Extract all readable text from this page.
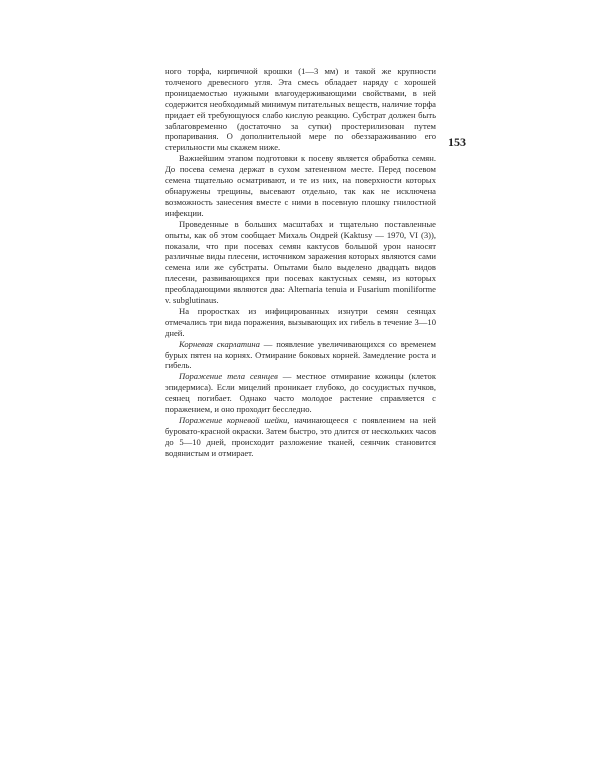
153

ного торфа, кирпичной крошки (1—3 мм) и такой же крупности толченого древесного угля. Эта смесь обладает наряду с хорошей проницаемостью нужными влагоудерживающими свойствами, в ней содержится необходимый минимум питательных веществ, наличие торфа придает ей требующуюся слабо кислую реакцию. Субстрат должен быть заблаговременно (достаточно за сутки) простерилизован путем пропаривания. О дополнительной мере по обеззараживанию его стерильности мы скажем ниже.

Важнейшим этапом подготовки к посеву является обработка семян. До посева семена держат в сухом затененном месте. Перед посевом семена тщательно осматривают, и те из них, на поверхности которых обнаружены трещины, высевают отдельно, так как не исключена возможность занесения вместе с ними в посевную плошку гнилостной инфекции.

Проведенные в больших масштабах и тщательно поставленные опыты, как об этом сообщает Михаль Ондрей (Kaktusy — 1970, VI (3)), показали, что при посевах семян кактусов большой урон наносят различные виды плесени, источником заражения которых являются сами семена или же субстраты. Опытами было выделено двадцать видов плесени, развивающихся при посевах кактусных семян, из которых преобладающими являются два: Alternaria tenuia и Fusarium moniliforme v. subglutinaus.

На проростках из инфицированных изнутри семян сеянцах отмечались три вида поражения, вызывающих их гибель в течение 3—10 дней.

Корневая скарлатина — появление увеличивающихся со временем бурых пятен на корнях. Отмирание боковых корней. Замедление роста и гибель.

Поражение тела сеянцев — местное отмирание кожицы (клеток эпидермиса). Если мицелий проникает глубоко, до сосудистых пучков, сеянец погибает. Однако часто молодое растение справляется с поражением, и оно проходит бесследно.

Поражение корневой шейки, начинающееся с появлением на ней буровато-красной окраски. Затем быстро, это длится от нескольких часов до 5—10 дней, происходит разложение тканей, сеянчик становится водянистым и отмирает.
